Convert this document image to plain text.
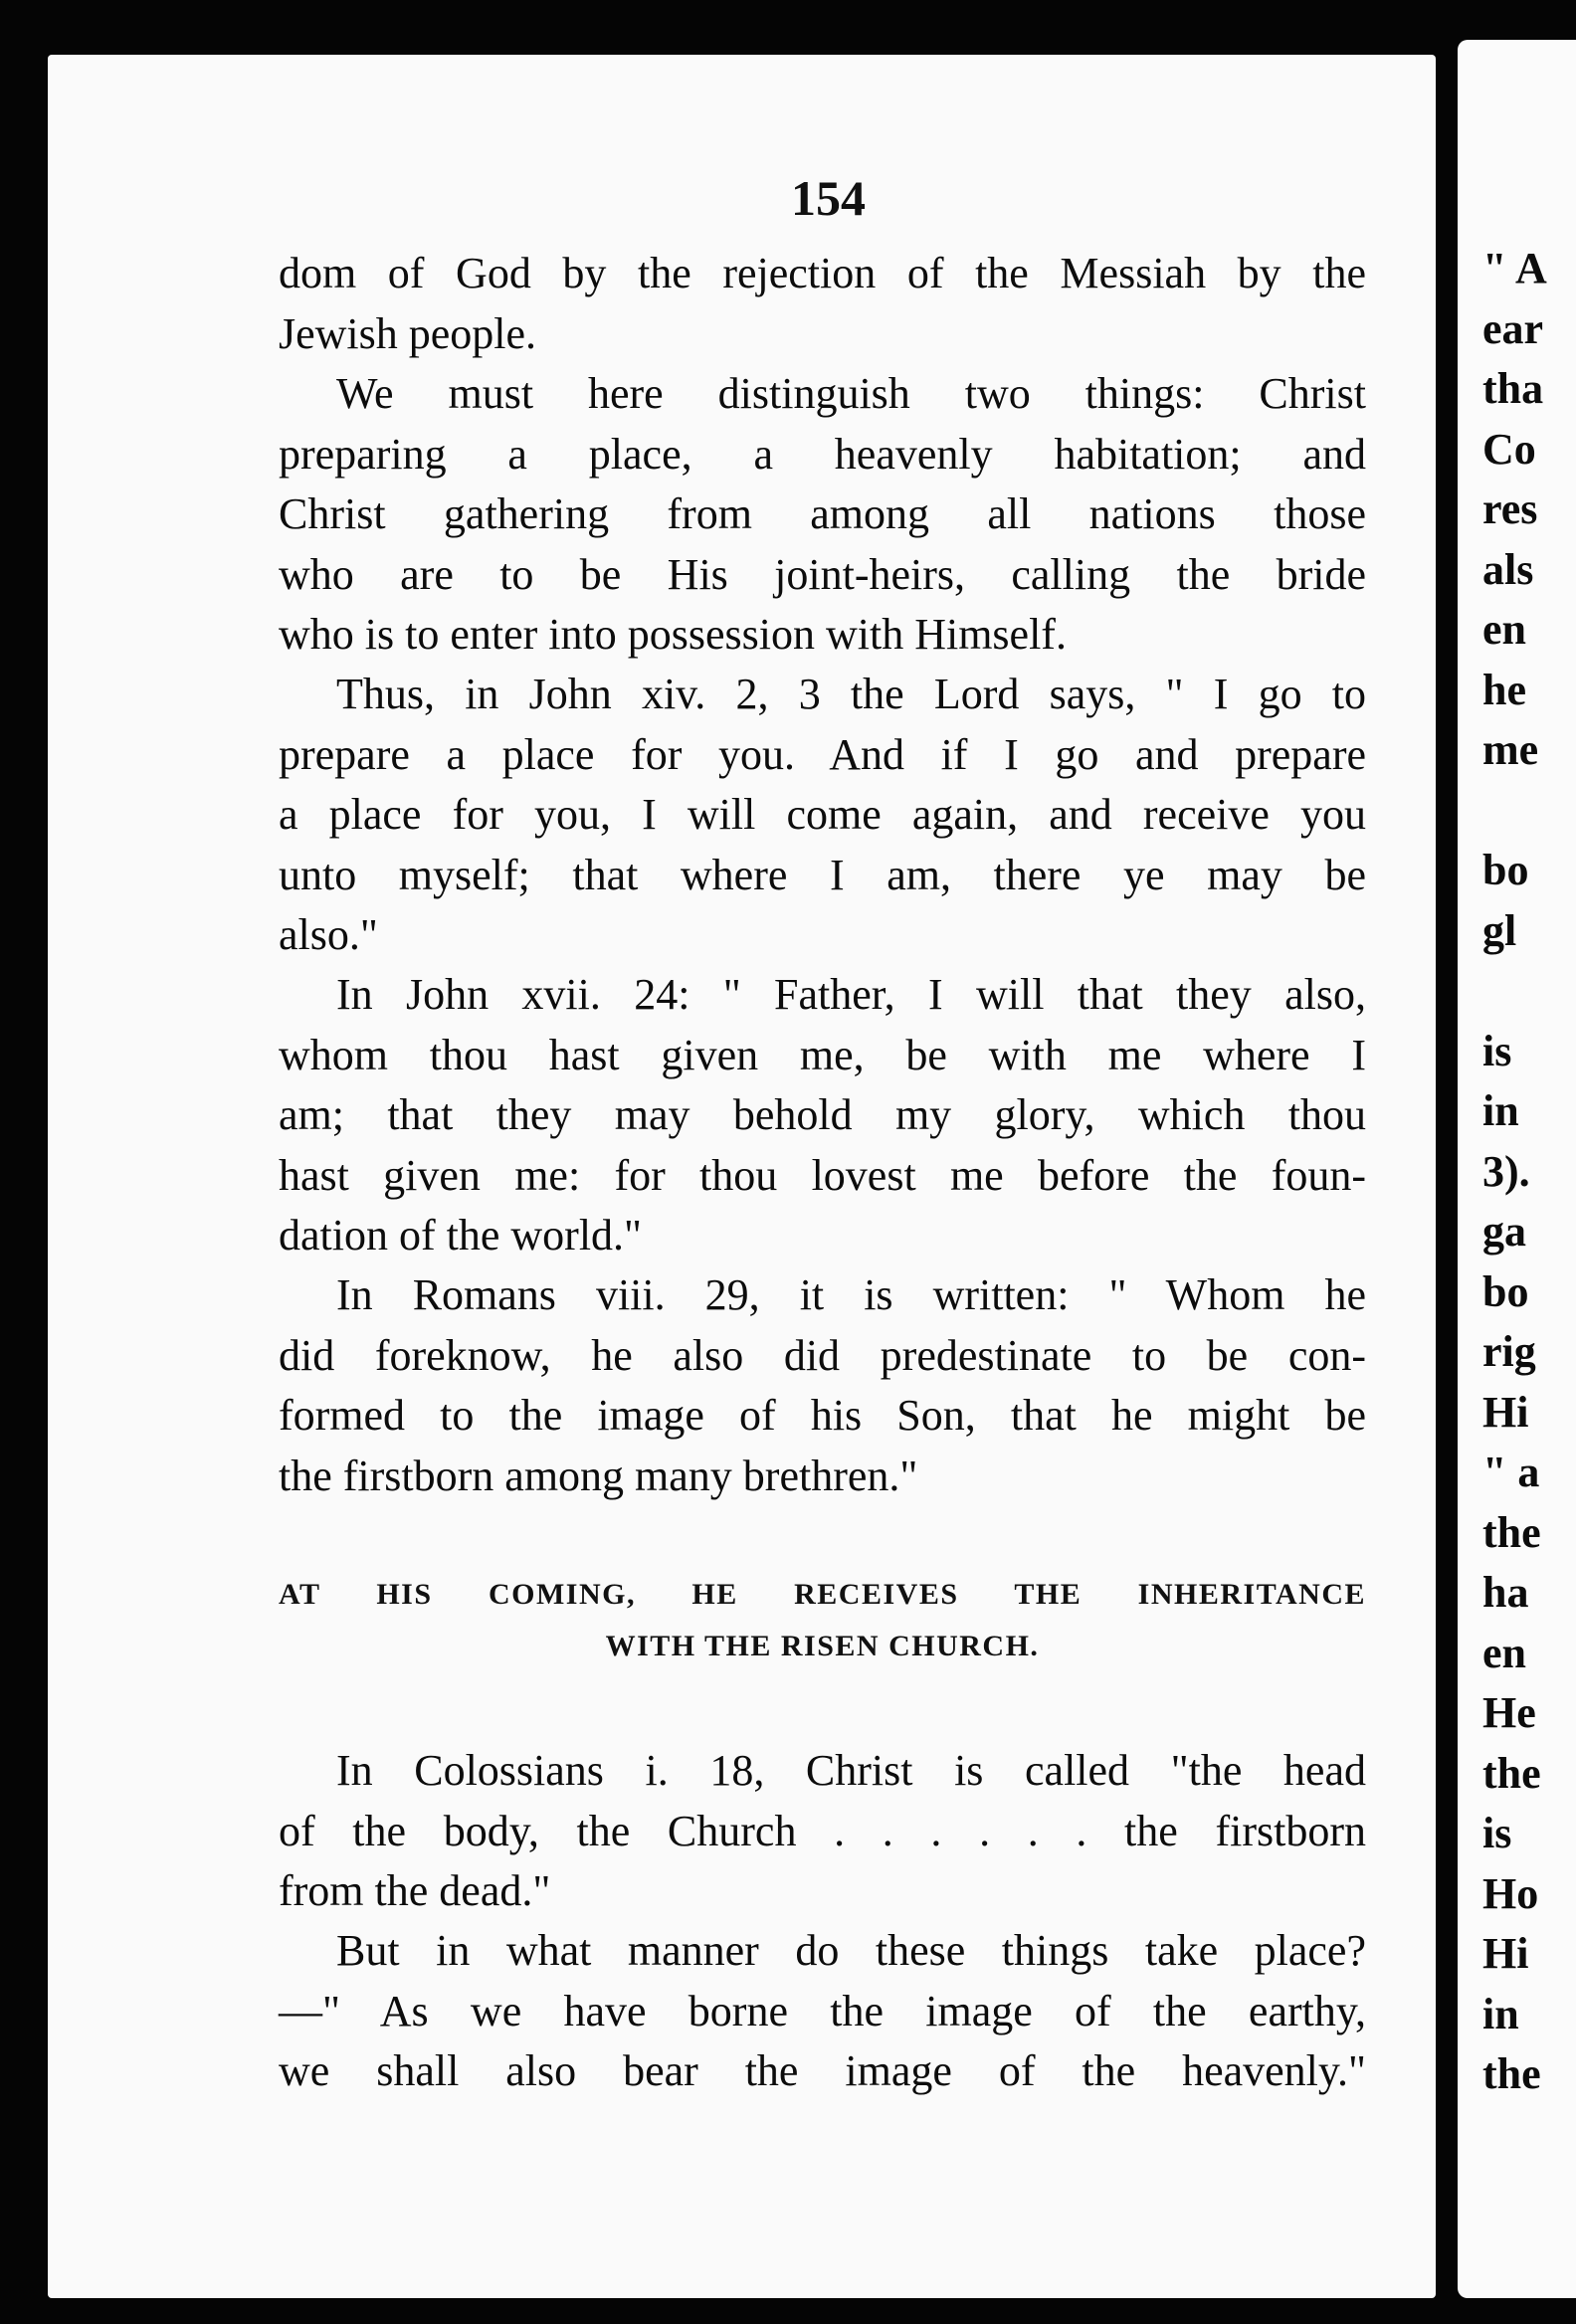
154
dom of God by the rejection of the Messiah by the
Jewish people.
We must here distinguish two things: Christ
preparing a place, a heavenly habitation; and
Christ gathering from among all nations those
who are to be His joint-heirs, calling the bride
who is to enter into possession with Himself.
Thus, in John xiv. 2, 3 the Lord says, " I go to
prepare a place for you. And if I go and prepare
a place for you, I will come again, and receive you
unto myself; that where I am, there ye may be
also."
In John xvii. 24: " Father, I will that they also,
whom thou hast given me, be with me where I
am; that they may behold my glory, which thou
hast given me: for thou lovest me before the foun-
dation of the world."
In Romans viii. 29, it is written: " Whom he
did foreknow, he also did predestinate to be con-
formed to the image of his Son, that he might be
the firstborn among many brethren."
AT HIS COMING, HE RECEIVES THE INHERITANCE
WITH THE RISEN CHURCH.
In Colossians i. 18, Christ is called "the head
of the body, the Church . . . . . . the firstborn
from the dead."
But in what manner do these things take place?
—" As we have borne the image of the earthy,
we shall also bear the image of the heavenly."
" A
ear
tha
Co
res
als
en
he
me
bo
gl
is
in
3).
ga
bo
rig
Hi
" a
the
ha
en
He
the
is
Ho
Hi
in
the
